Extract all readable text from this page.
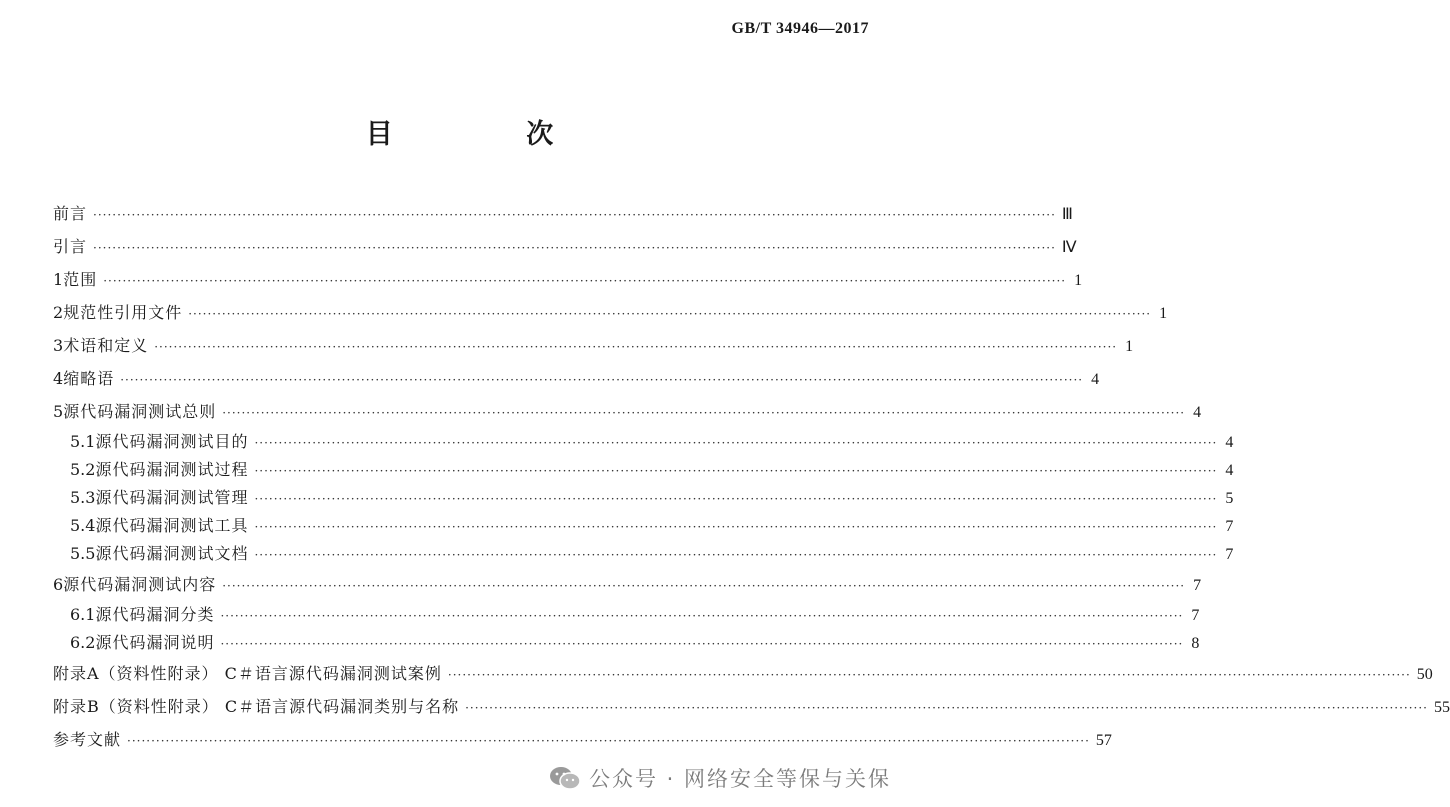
GB/T 34946—2017
目 次
前言 ········································································································································································································ Ⅲ
引言 ········································································································································································································ Ⅳ
1 范围 ········································································································································································································ 1
2 规范性引用文件 ········································································································································································································ 1
3 术语和定义 ········································································································································································································ 1
4 缩略语 ········································································································································································································ 4
5 源代码漏洞测试总则 ········································································································································································································ 4
5.1 源代码漏洞测试目的 ········································································································································································································ 4
5.2 源代码漏洞测试过程 ········································································································································································································ 4
5.3 源代码漏洞测试管理 ········································································································································································································ 5
5.4 源代码漏洞测试工具 ········································································································································································································ 7
5.5 源代码漏洞测试文档 ········································································································································································································ 7
6 源代码漏洞测试内容 ········································································································································································································ 7
6.1 源代码漏洞分类 ········································································································································································································ 7
6.2 源代码漏洞说明 ········································································································································································································ 8
附录A（资料性附录） C＃语言源代码漏洞测试案例 ········································································································································································································ 50
附录B（资料性附录） C＃语言源代码漏洞类别与名称 ········································································································································································································ 55
参考文献 ········································································································································································································ 57
公众号 · 网络安全等保与关保
